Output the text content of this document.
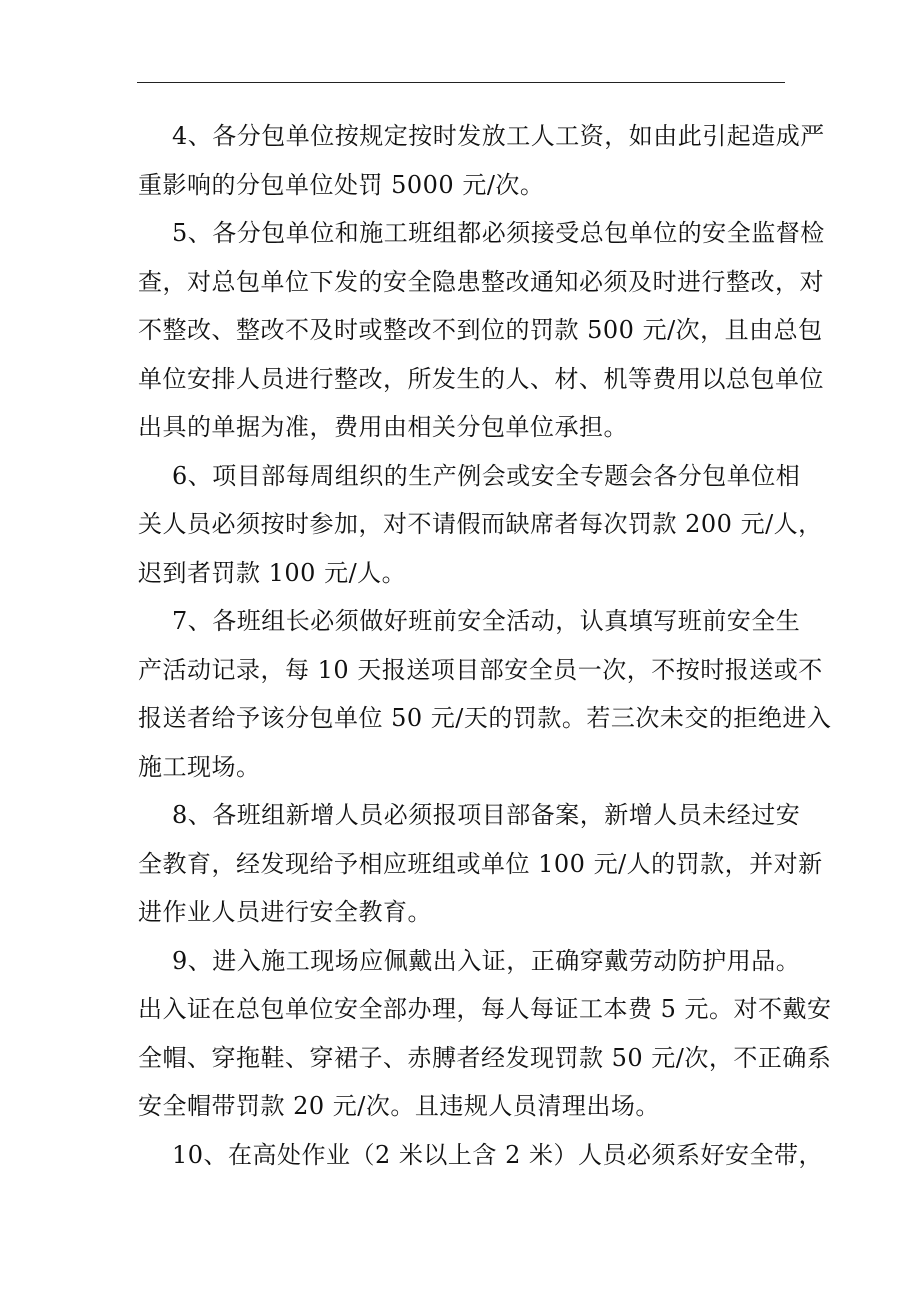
4、各分包单位按规定按时发放工人工资，如由此引起造成严
重影响的分包单位处罚 5000 元/次。
5、各分包单位和施工班组都必须接受总包单位的安全监督检
查，对总包单位下发的安全隐患整改通知必须及时进行整改，对
不整改、整改不及时或整改不到位的罚款 500 元/次，且由总包
单位安排人员进行整改，所发生的人、材、机等费用以总包单位
出具的单据为准，费用由相关分包单位承担。
6、项目部每周组织的生产例会或安全专题会各分包单位相
关人员必须按时参加，对不请假而缺席者每次罚款 200 元/人，
迟到者罚款 100 元/人。
7、各班组长必须做好班前安全活动，认真填写班前安全生
产活动记录，每 10 天报送项目部安全员一次，不按时报送或不
报送者给予该分包单位 50 元/天的罚款。若三次未交的拒绝进入
施工现场。
8、各班组新增人员必须报项目部备案，新增人员未经过安
全教育，经发现给予相应班组或单位 100 元/人的罚款，并对新
进作业人员进行安全教育。
9、进入施工现场应佩戴出入证，正确穿戴劳动防护用品。
出入证在总包单位安全部办理，每人每证工本费 5 元。对不戴安
全帽、穿拖鞋、穿裙子、赤膊者经发现罚款 50 元/次，不正确系
安全帽带罚款 20 元/次。且违规人员清理出场。
10、在高处作业（2 米以上含 2 米）人员必须系好安全带，
